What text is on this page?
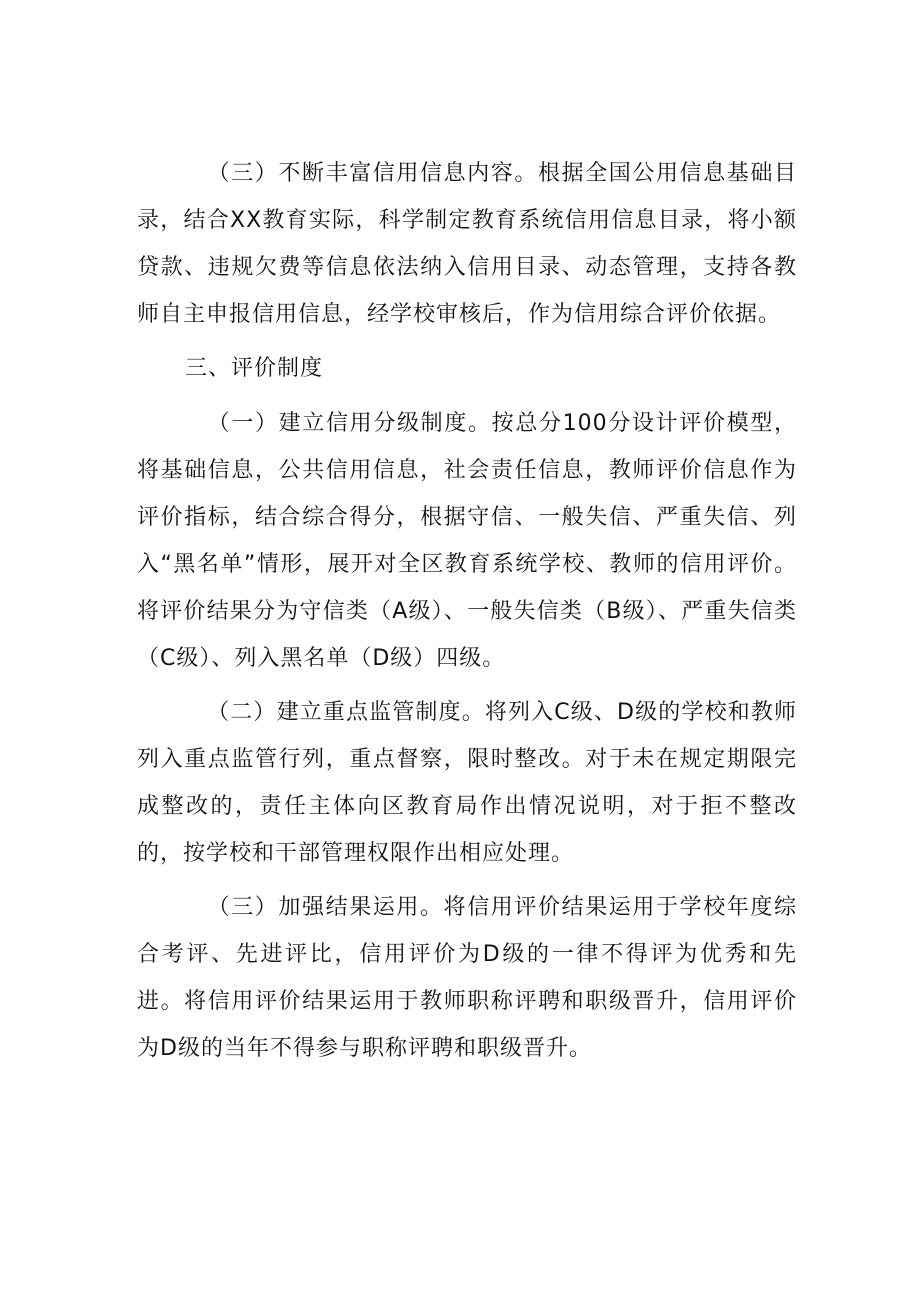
（三）不断丰富信用信息内容。根据全国公用信息基础目录，结合XX教育实际，科学制定教育系统信用信息目录，将小额贷款、违规欠费等信息依法纳入信用目录、动态管理，支持各教师自主申报信用信息，经学校审核后，作为信用综合评价依据。

三、评价制度

（一）建立信用分级制度。按总分100分设计评价模型，将基础信息，公共信用信息，社会责任信息，教师评价信息作为评价指标，结合综合得分，根据守信、一般失信、严重失信、列入“黑名单”情形，展开对全区教育系统学校、教师的信用评价。将评价结果分为守信类（A级）、一般失信类（B级）、严重失信类（C级）、列入黑名单（D级）四级。

（二）建立重点监管制度。将列入C级、D级的学校和教师列入重点监管行列，重点督察，限时整改。对于未在规定期限完成整改的，责任主体向区教育局作出情况说明，对于拒不整改的，按学校和干部管理权限作出相应处理。

（三）加强结果运用。将信用评价结果运用于学校年度综合考评、先进评比，信用评价为D级的一律不得评为优秀和先进。将信用评价结果运用于教师职称评聘和职级晋升，信用评价为D级的当年不得参与职称评聘和职级晋升。
